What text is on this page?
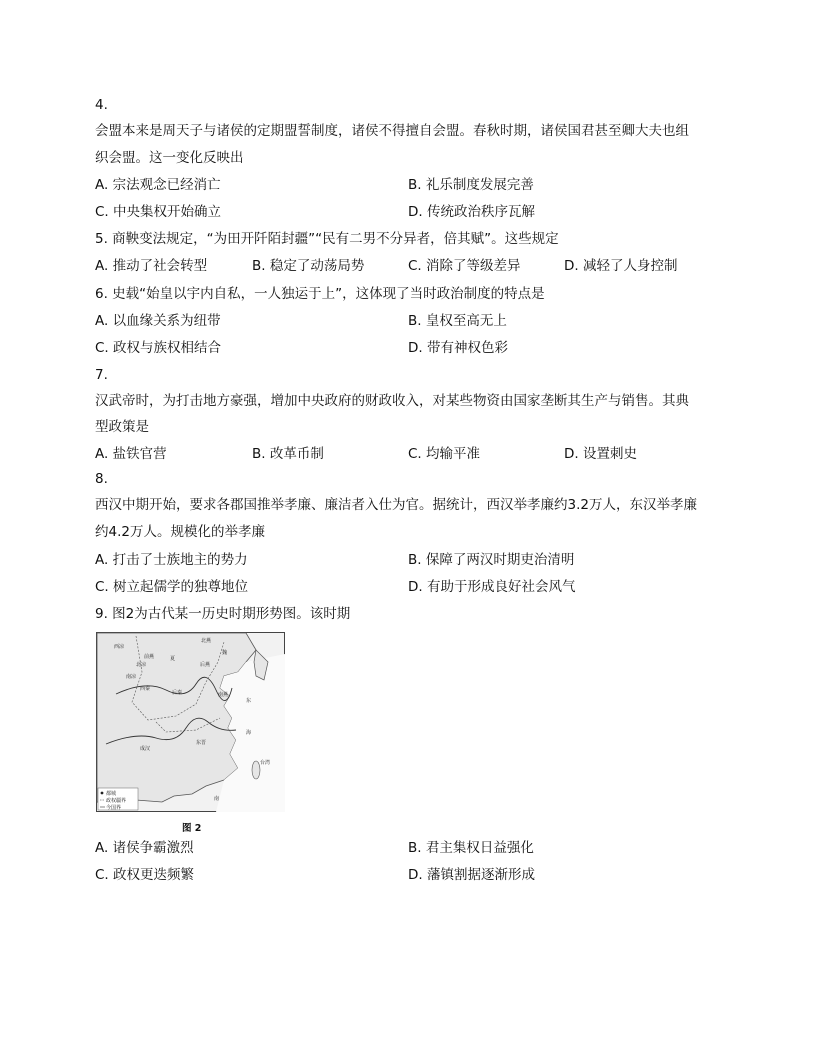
4.
会盟本来是周天子与诸侯的定期盟誓制度，诸侯不得擅自会盟。春秋时期，诸侯国君甚至卿大夫也组
织会盟。这一变化反映出
A. 宗法观念已经消亡	B. 礼乐制度发展完善
C. 中央集权开始确立	D. 传统政治秩序瓦解
5. 商鞅变法规定，“为田开阡陌封疆”“民有二男不分异者，倍其赋”。这些规定
A. 推动了社会转型	B. 稳定了动荡局势	C. 消除了等级差异	D. 减轻了人身控制
6. 史载“始皇以宇内自私，一人独运于上”，这体现了当时政治制度的特点是
A. 以血缘关系为纽带	B. 皇权至高无上
C. 政权与族权相结合	D. 带有神权色彩
7.
汉武帝时，为打击地方豪强，增加中央政府的财政收入，对某些物资由国家垄断其生产与销售。其典
型政策是
A. 盐铁官营	B. 改革币制	C. 均输平准	D. 设置刺史
8.
西汉中期开始，要求各郡国推举孝廉、廉洁者入仕为官。据统计，西汉举孝廉约3.2万人，东汉举孝廉
约4.2万人。规模化的举孝廉
A. 打击了士族地主的势力	B. 保障了两汉时期吏治清明
C. 树立起儒学的独尊地位	D. 有助于形成良好社会风气
9. 图2为古代某一历史时期形势图。该时期
西凉
北燕
前燕
北凉
夏
后燕
南凉
后秦
魏
西秦
南燕
东晋
成汉
东
海
南
台湾
都城
政权疆界
今国界
图 2
A. 诸侯争霸激烈	B. 君主集权日益强化
C. 政权更迭频繁	D. 藩镇割据逐渐形成
